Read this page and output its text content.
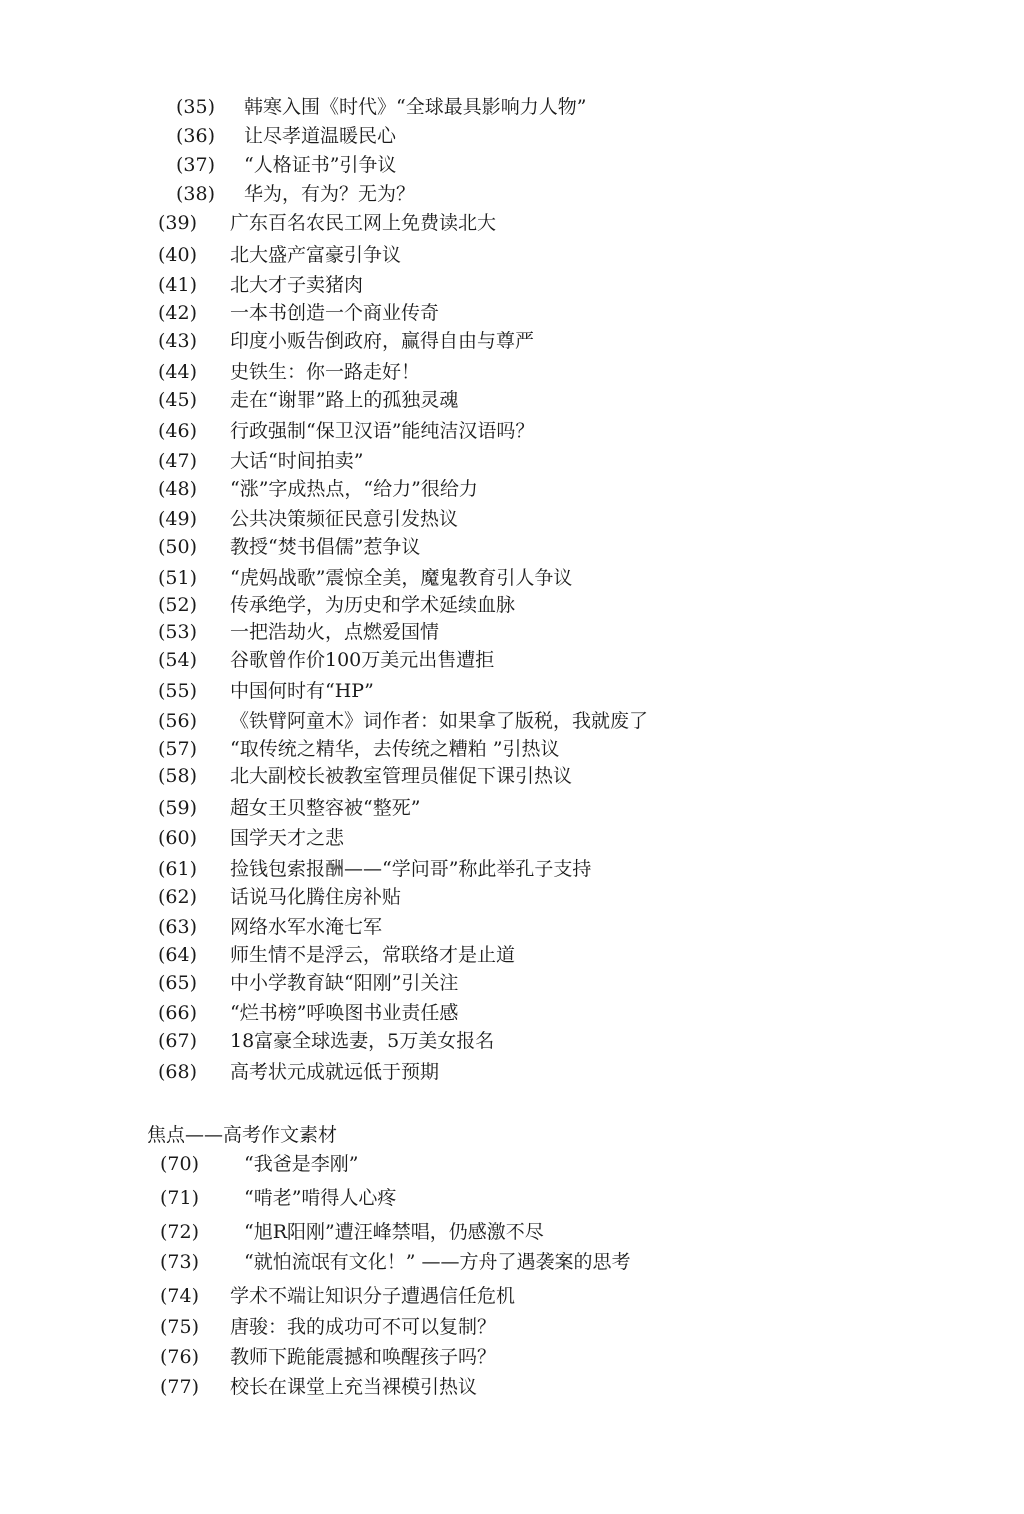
(35) 韩寒入围《时代》“全球最具影响力人物”
(36) 让尽孝道温暖民心
(37) “人格证书”引争议
(38) 华为，有为？无为？
(39) 广东百名农民工网上免费读北大
(40) 北大盛产富豪引争议
(41) 北大才子卖猪肉
(42) 一本书创造一个商业传奇
(43) 印度小贩告倒政府，赢得自由与尊严
(44) 史铁生：你一路走好！
(45) 走在“谢罪”路上的孤独灵魂
(46) 行政强制“保卫汉语”能纯洁汉语吗？
(47) 大话“时间拍卖”
(48) “涨”字成热点，“给力”很给力
(49) 公共决策频征民意引发热议
(50) 教授“焚书倡儒”惹争议
(51) “虎妈战歌”震惊全美，魔鬼教育引人争议
(52) 传承绝学，为历史和学术延续血脉
(53) 一把浩劫火，点燃爱国情
(54) 谷歌曾作价100万美元出售遭拒
(55) 中国何时有“HP”
(56) 《铁臂阿童木》词作者：如果拿了版税，我就废了
(57) “取传统之精华，去传统之糟粕 ”引热议
(58) 北大副校长被教室管理员催促下课引热议
(59) 超女王贝整容被“整死”
(60) 国学天才之悲
(61) 捡钱包索报酬——“学问哥”称此举孔子支持
(62) 话说马化腾住房补贴
(63) 网络水军水淹七军
(64) 师生情不是浮云，常联络才是止道
(65) 中小学教育缺“阳刚”引关注
(66) “烂书榜”呼唤图书业责任感
(67) 18富豪全球选妻，5万美女报名
(68) 高考状元成就远低于预期
焦点——高考作文素材
(70) “我爸是李刚”
(71) “啃老”啃得人心疼
(72) “旭R阳刚”遭汪峰禁唱，仍感激不尽
(73) “就怕流氓有文化！” ——方舟了遇袭案的思考
(74) 学术不端让知识分子遭遇信任危机
(75) 唐骏：我的成功可不可以复制？
(76) 教师下跪能震撼和唤醒孩子吗？
(77) 校长在课堂上充当裸模引热议
